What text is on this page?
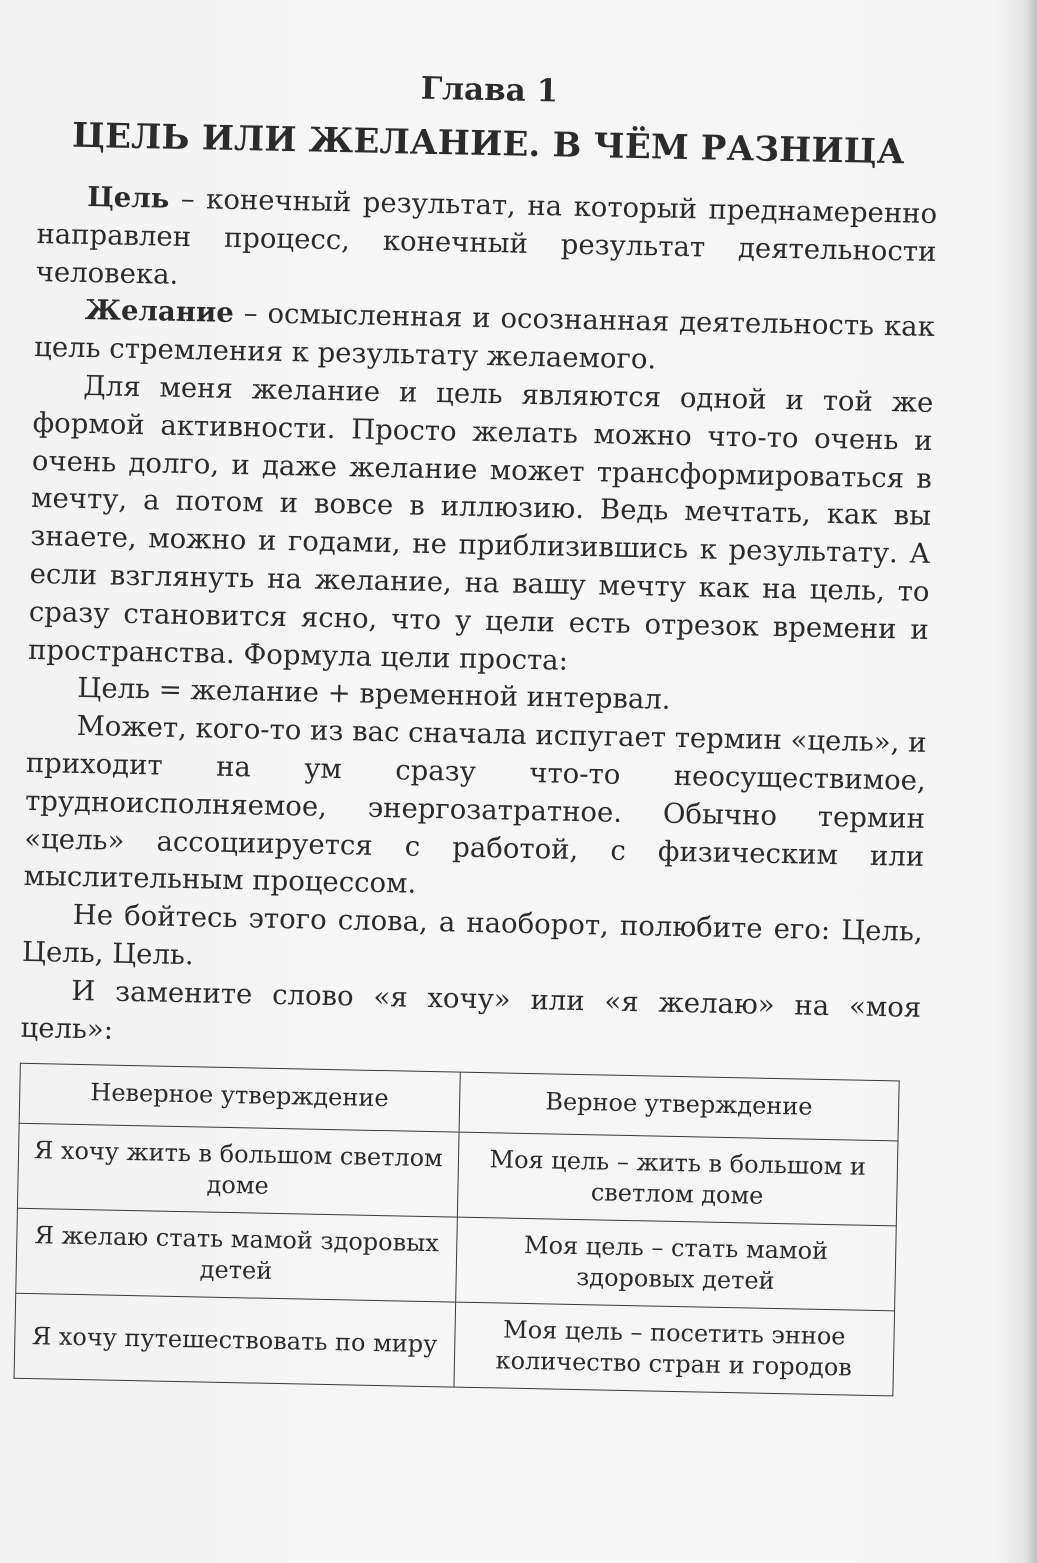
Глава 1
ЦЕЛЬ ИЛИ ЖЕЛАНИЕ. В ЧЁМ РАЗНИЦА

Цель – конечный результат, на который преднамеренно направлен процесс, конечный результат деятельности человека.

Желание – осмысленная и осознанная деятельность как цель стремления к результату желаемого.

Для меня желание и цель являются одной и той же формой активности. Просто желать можно что-то очень и очень долго, и даже желание может трансформироваться в мечту, а потом и вовсе в иллюзию. Ведь мечтать, как вы знаете, можно и годами, не приблизившись к результату. А если взглянуть на желание, на вашу мечту как на цель, то сразу становится ясно, что у цели есть отрезок времени и пространства. Формула цели проста:

Цель = желание + временной интервал.

Может, кого-то из вас сначала испугает термин «цель», и приходит на ум сразу что-то неосуществимое, трудноисполняемое, энергозатратное. Обычно термин «цель» ассоциируется с работой, с физическим или мыслительным процессом.

Не бойтесь этого слова, а наоборот, полюбите его: Цель, Цель, Цель.

И замените слово «я хочу» или «я желаю» на «моя цель»:

Неверное утверждение	Верное утверждение
Я хочу жить в большом светлом доме	Моя цель – жить в большом и светлом доме
Я желаю стать мамой здоровых детей	Моя цель – стать мамой здоровых детей
Я хочу путешествовать по миру	Моя цель – посетить энное количество стран и городов
